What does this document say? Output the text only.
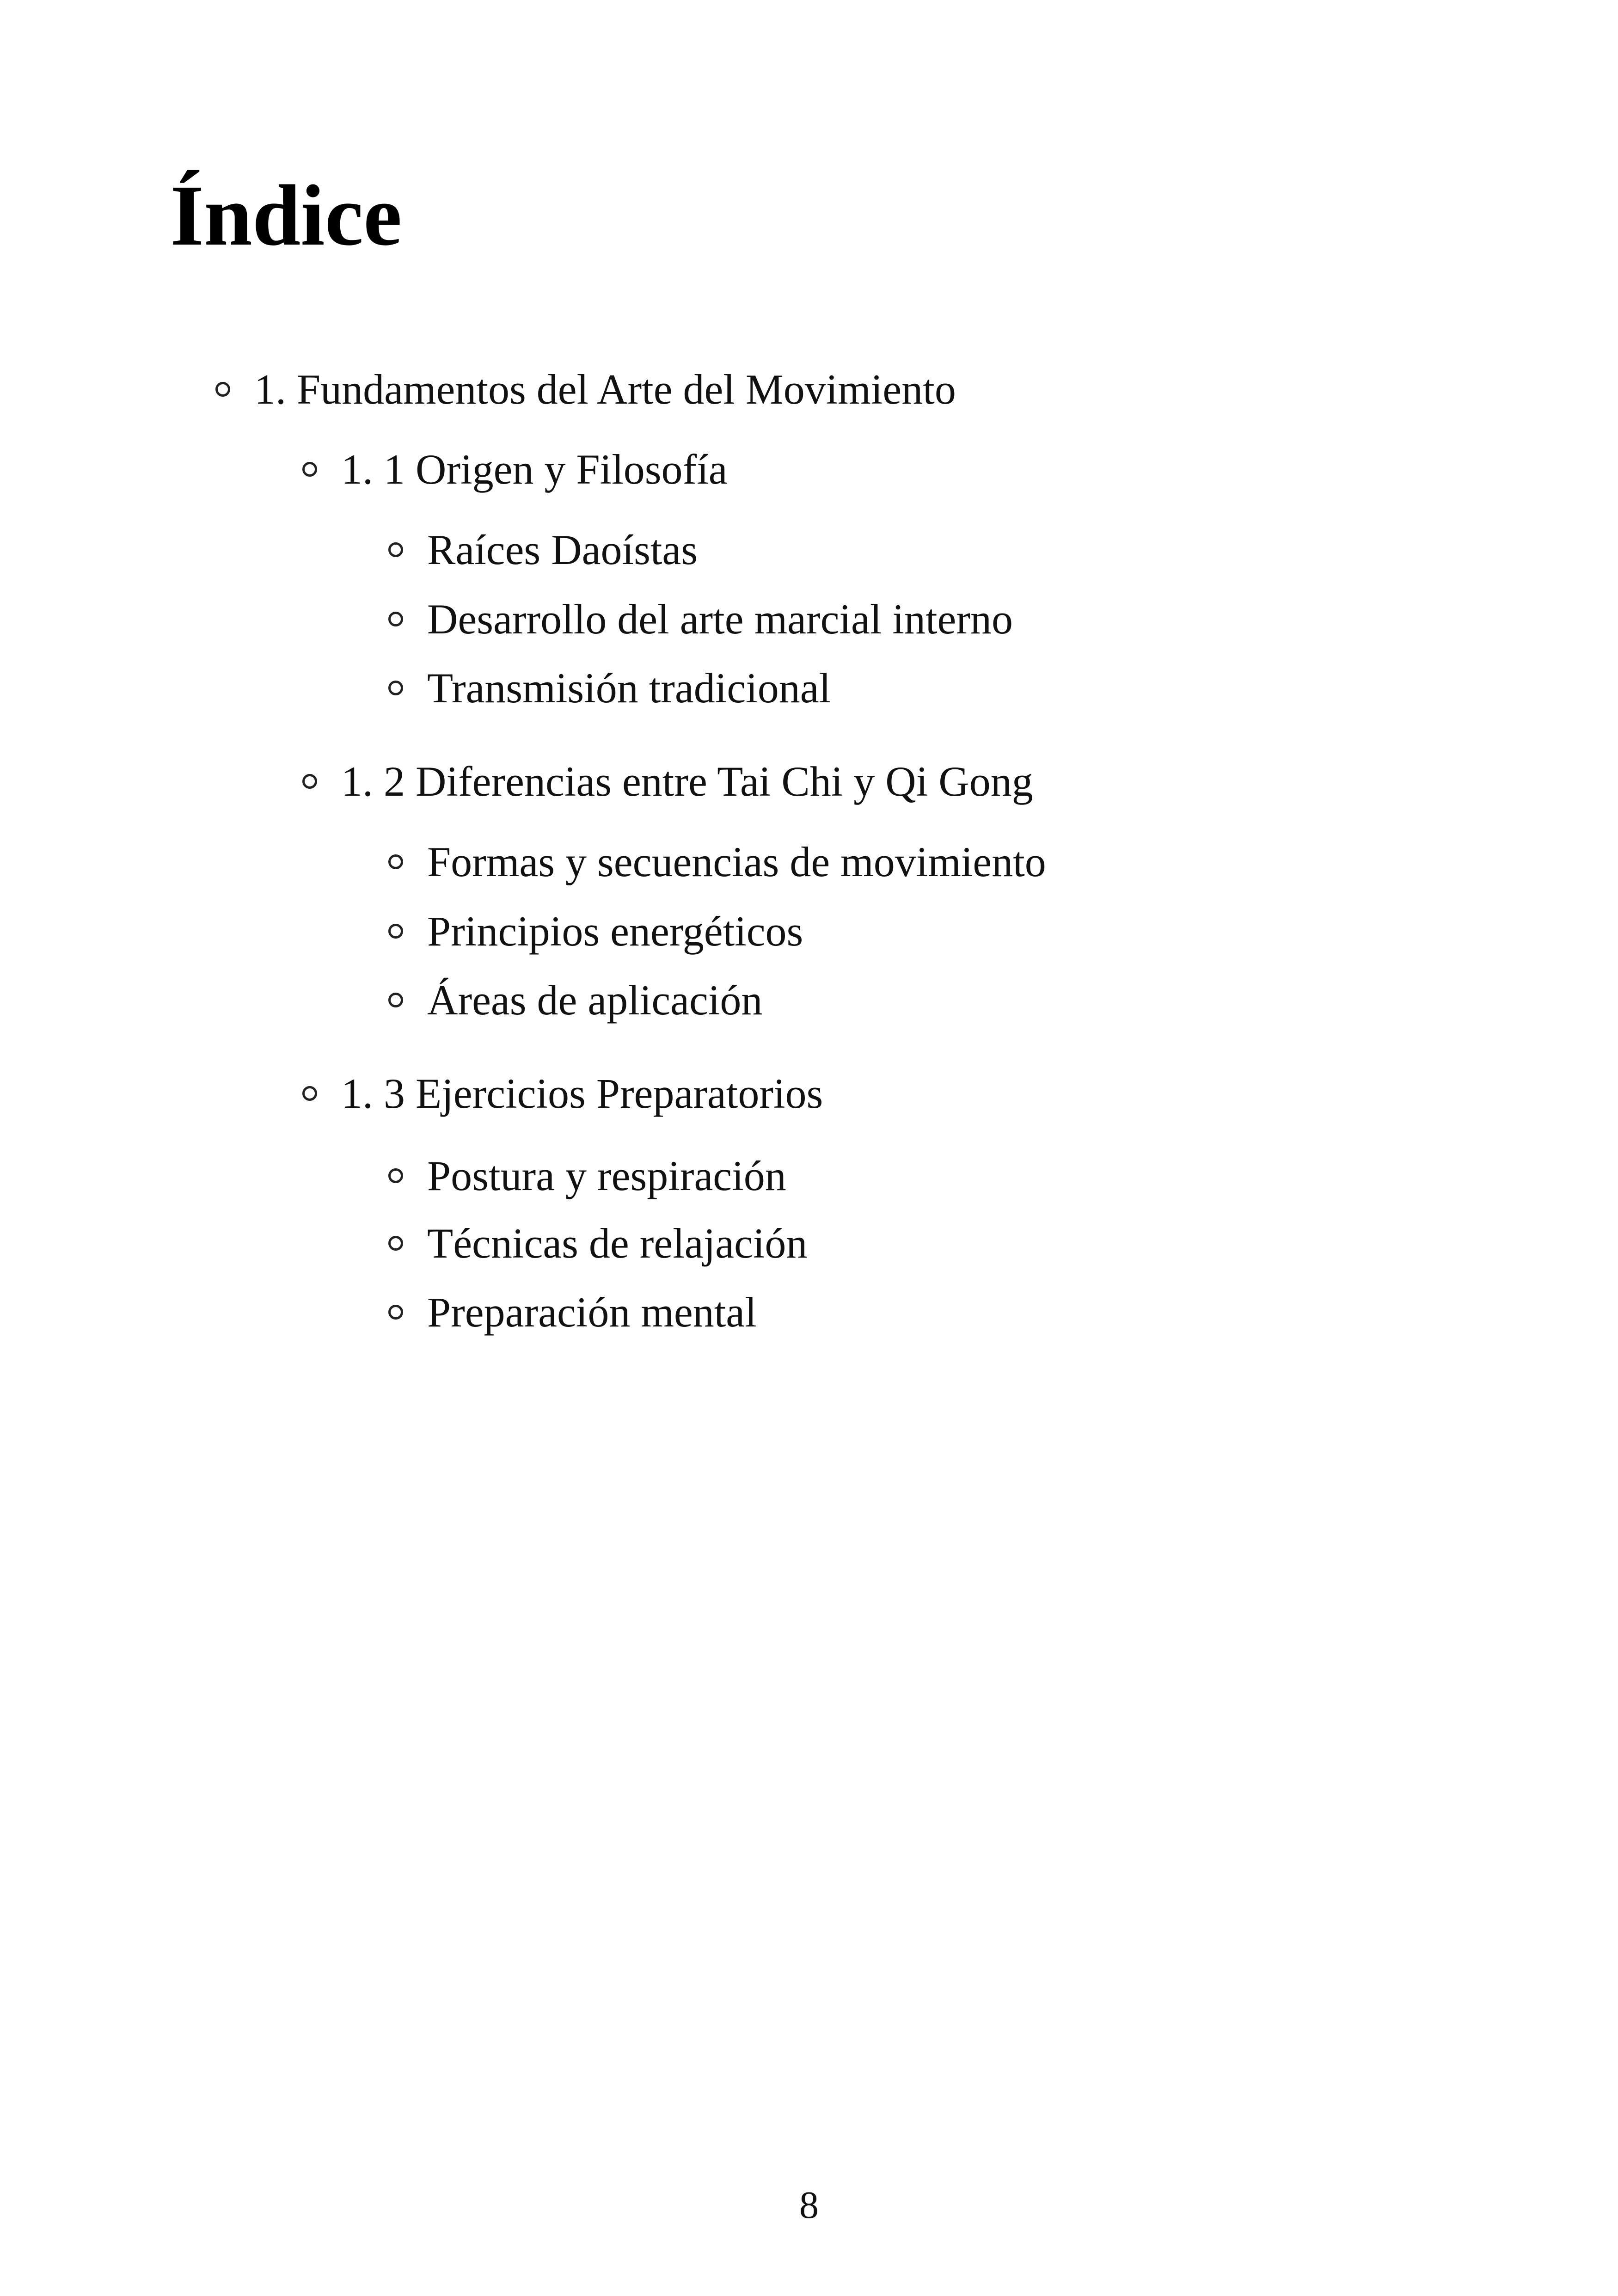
Índice
1. Fundamentos del Arte del Movimiento
1. 1 Origen y Filosofía
Raíces Daoístas
Desarrollo del arte marcial interno
Transmisión tradicional
1. 2 Diferencias entre Tai Chi y Qi Gong
Formas y secuencias de movimiento
Principios energéticos
Áreas de aplicación
1. 3 Ejercicios Preparatorios
Postura y respiración
Técnicas de relajación
Preparación mental
8
